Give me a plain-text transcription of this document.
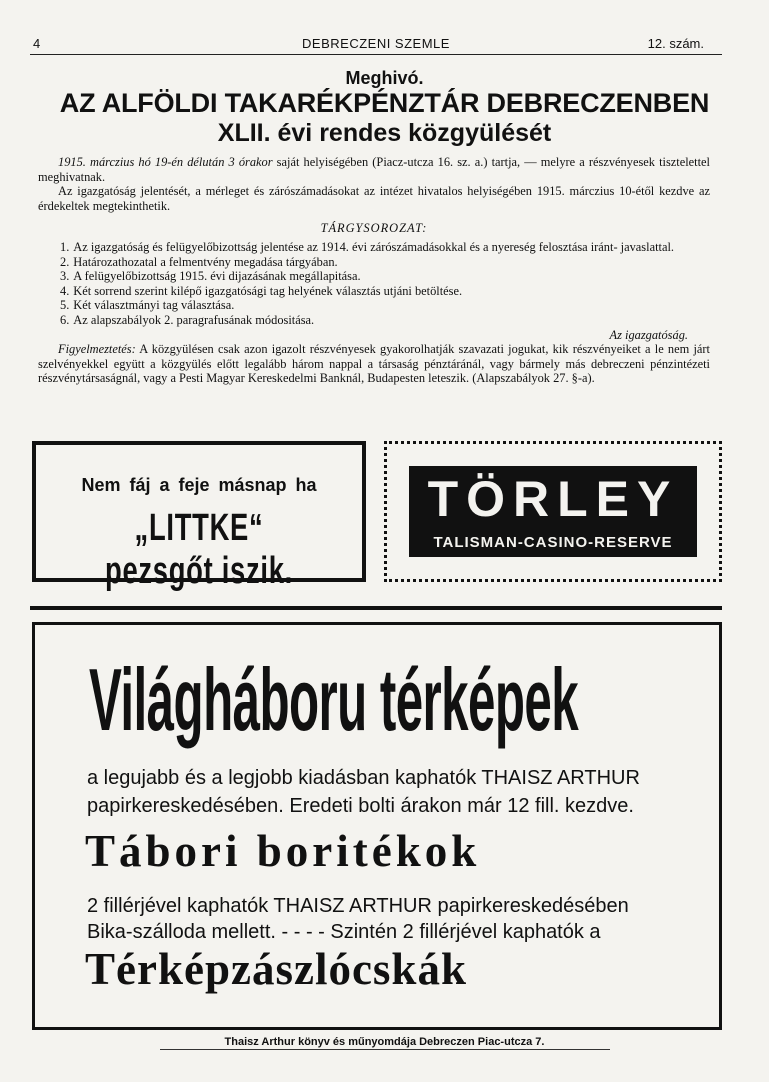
4	DEBRECZENI SZEMLE	12. szám.
Meghivó.
AZ ALFÖLDI TAKARÉKPÉNZTÁR DEBRECZENBEN
XLII. évi rendes közgyülését

1915. márczius hó 19-én délután 3 órakor saját helyiségében (Piacz-utcza 16. sz. a.) tartja, — melyre a részvényesek tisztelettel meghivatnak.

Az igazgatóság jelentését, a mérleget és zárószámadásokat az intézet hivatalos helyiségében 1915. márczius 10-étől kezdve az érdekeltek megtekinthetik.

TÁRGYSOROZAT:

1. Az igazgatóság és felügyelőbizottság jelentése az 1914. évi zárószámadásokkal és a nyereség felosztása iránt- javaslattal.
2. Határozathozatal a felmentvény megadása tárgyában.
3. A felügyelőbizottság 1915. évi dijazásának megállapitása.
4. Két sorrend szerint kilépő igazgatósági tag helyének választás utjáni betöltése.
5. Két választmányi tag választása.
6. Az alapszabályok 2. paragrafusának módositása.

Az igazgatóság.

Figyelmeztetés: A közgyülésen csak azon igazolt részvényesek gyakorolhatják szavazati jogukat, kik részvényeiket a le nem járt szelvényekkel együtt a közgyülés előtt legalább három nappal a társaság pénztáránál, vagy bármely más debreczeni pénzintézeti részvénytársaságnál, vagy a Pesti Magyar Kereskedelmi Banknál, Budapesten leteszik. (Alapszabályok 27. §-a).

Nem fáj a feje másnap ha
„LITTKE“ pezsgőt iszik.
TÖRLEY
TALISMAN-CASINO-RESERVE
Világháboru térképek
a legujabb és a legjobb kiadásban kaphatók THAISZ ARTHUR
papirkereskedésében. Eredeti bolti árakon már 12 fill. kezdve.
Tábori boritékok
2 fillérjével kaphatók THAISZ ARTHUR papirkereskedésében
Bika-szálloda mellett. - - - - Szintén 2 fillérjével kaphatók a
Térképzászlócskák
Thaisz Arthur könyv és műnyomdája Debreczen Piac-utcza 7.
